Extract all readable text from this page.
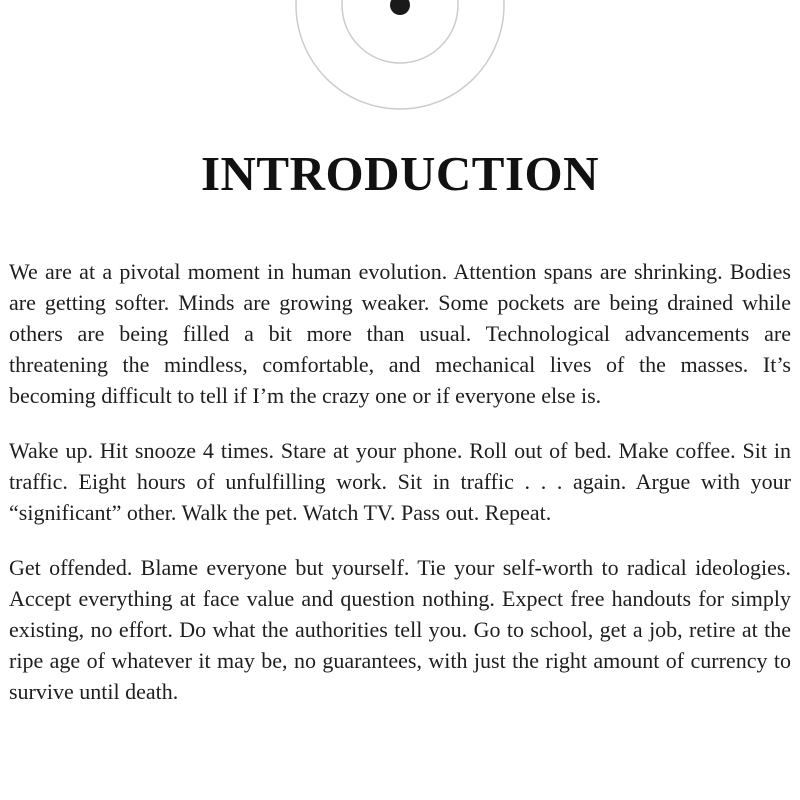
INTRODUCTION

We are at a pivotal moment in human evolution. Attention spans are shrinking. Bodies are getting softer. Minds are growing weaker. Some pockets are being drained while others are being filled a bit more than usual. Technological advancements are threatening the mindless, comfortable, and mechanical lives of the masses. It’s becoming difficult to tell if I’m the crazy one or if everyone else is.

Wake up. Hit snooze 4 times. Stare at your phone. Roll out of bed. Make coffee. Sit in traffic. Eight hours of unfulfilling work. Sit in traffic . . . again. Argue with your “significant” other. Walk the pet. Watch TV. Pass out. Repeat.

Get offended. Blame everyone but yourself. Tie your self-worth to radical ideologies. Accept everything at face value and question nothing. Expect free handouts for simply existing, no effort. Do what the authorities tell you. Go to school, get a job, retire at the ripe age of whatever it may be, no guarantees, with just the right amount of currency to survive until death.
